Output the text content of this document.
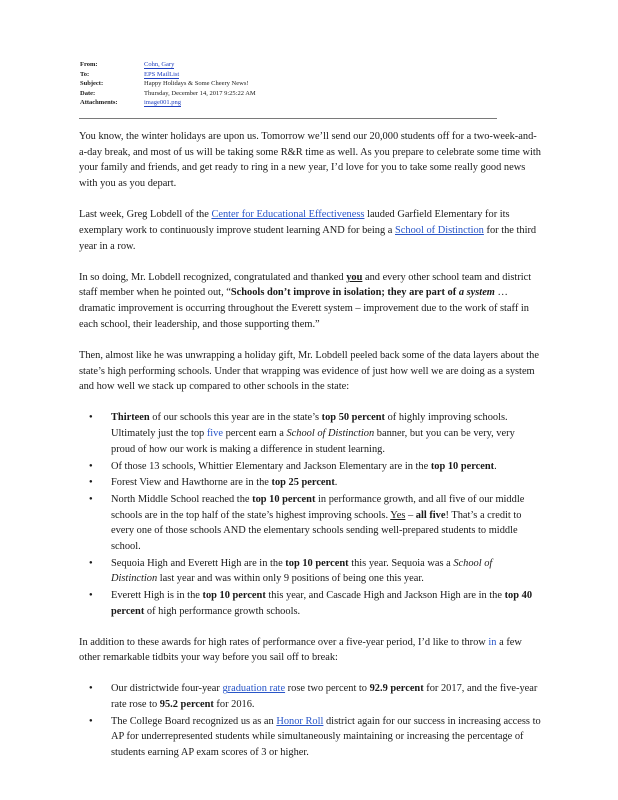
From:	Cohn, Gary
To:	EPS MailList
Subject:	Happy Holidays & Some Cheery News!
Date:	Thursday, December 14, 2017 9:25:22 AM
Attachments:	image001.png

You know, the winter holidays are upon us. Tomorrow we’ll send our 20,000 students off for a two-week-and-a-day break, and most of us will be taking some R&R time as well. As you prepare to celebrate some time with your family and friends, and get ready to ring in a new year, I’d love for you to take some really good news with you as you depart.

Last week, Greg Lobdell of the Center for Educational Effectiveness lauded Garfield Elementary for its exemplary work to continuously improve student learning AND for being a School of Distinction for the third year in a row.

In so doing, Mr. Lobdell recognized, congratulated and thanked you and every other school team and district staff member when he pointed out, “Schools don’t improve in isolation; they are part of a system …dramatic improvement is occurring throughout the Everett system – improvement due to the work of staff in each school, their leadership, and those supporting them.”

Then, almost like he was unwrapping a holiday gift, Mr. Lobdell peeled back some of the data layers about the state’s high performing schools. Under that wrapping was evidence of just how well we are doing as a system and how well we stack up compared to other schools in the state:

● Thirteen of our schools this year are in the state’s top 50 percent of highly improving schools. Ultimately just the top five percent earn a School of Distinction banner, but you can be very, very proud of how our work is making a difference in student learning.
● Of those 13 schools, Whittier Elementary and Jackson Elementary are in the top 10 percent.
● Forest View and Hawthorne are in the top 25 percent.
● North Middle School reached the top 10 percent in performance growth, and all five of our middle schools are in the top half of the state’s highest improving schools. Yes – all five! That’s a credit to every one of those schools AND the elementary schools sending well-prepared students to middle school.
● Sequoia High and Everett High are in the top 10 percent this year. Sequoia was a School of Distinction last year and was within only 9 positions of being one this year.
● Everett High is in the top 10 percent this year, and Cascade High and Jackson High are in the top 40 percent of high performance growth schools.

In addition to these awards for high rates of performance over a five-year period, I’d like to throw in a few other remarkable tidbits your way before you sail off to break:

● Our districtwide four-year graduation rate rose two percent to 92.9 percent for 2017, and the five-year rate rose to 95.2 percent for 2016.
● The College Board recognized us as an Honor Roll district again for our success in increasing access to AP for underrepresented students while simultaneously maintaining or increasing the percentage of students earning AP exam scores of 3 or higher.
